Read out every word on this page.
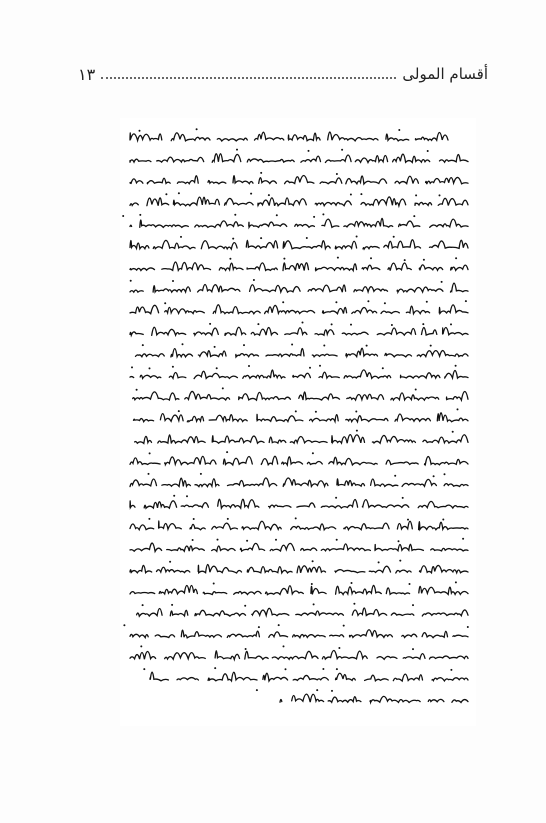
أقسام المولى
١٣
